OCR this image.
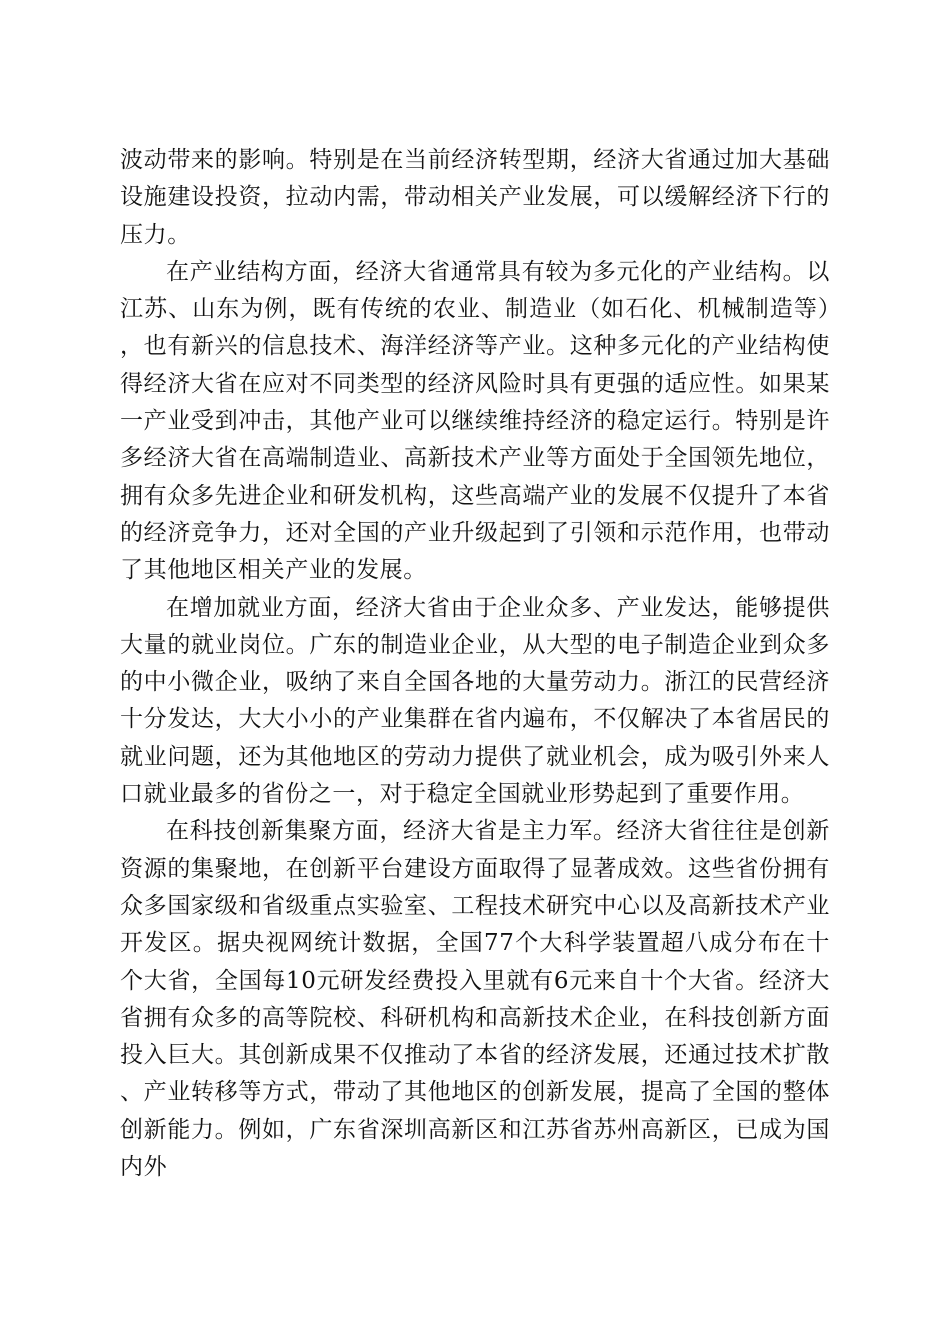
波动带来的影响。特别是在当前经济转型期，经济大省通过加大基础设施建设投资，拉动内需，带动相关产业发展，可以缓解经济下行的压力。

在产业结构方面，经济大省通常具有较为多元化的产业结构。以江苏、山东为例，既有传统的农业、制造业（如石化、机械制造等），也有新兴的信息技术、海洋经济等产业。这种多元化的产业结构使得经济大省在应对不同类型的经济风险时具有更强的适应性。如果某一产业受到冲击，其他产业可以继续维持经济的稳定运行。特别是许多经济大省在高端制造业、高新技术产业等方面处于全国领先地位，拥有众多先进企业和研发机构，这些高端产业的发展不仅提升了本省的经济竞争力，还对全国的产业升级起到了引领和示范作用，也带动了其他地区相关产业的发展。

在增加就业方面，经济大省由于企业众多、产业发达，能够提供大量的就业岗位。广东的制造业企业，从大型的电子制造企业到众多的中小微企业，吸纳了来自全国各地的大量劳动力。浙江的民营经济十分发达，大大小小的产业集群在省内遍布，不仅解决了本省居民的就业问题，还为其他地区的劳动力提供了就业机会，成为吸引外来人口就业最多的省份之一，对于稳定全国就业形势起到了重要作用。

在科技创新集聚方面，经济大省是主力军。经济大省往往是创新资源的集聚地，在创新平台建设方面取得了显著成效。这些省份拥有众多国家级和省级重点实验室、工程技术研究中心以及高新技术产业开发区。据央视网统计数据，全国77个大科学装置超八成分布在十个大省，全国每10元研发经费投入里就有6元来自十个大省。经济大省拥有众多的高等院校、科研机构和高新技术企业，在科技创新方面投入巨大。其创新成果不仅推动了本省的经济发展，还通过技术扩散、产业转移等方式，带动了其他地区的创新发展，提高了全国的整体创新能力。例如，广东省深圳高新区和江苏省苏州高新区，已成为国内外
